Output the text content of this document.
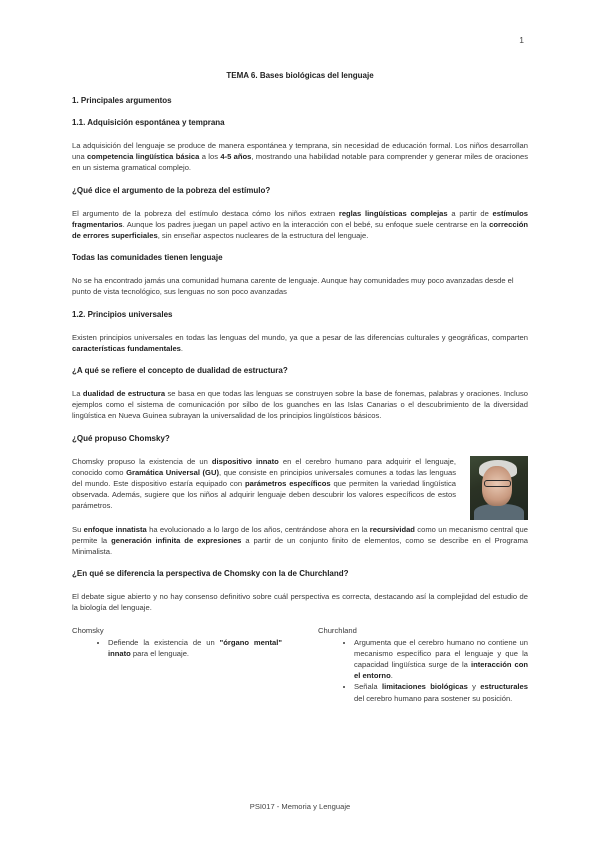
1
TEMA 6. Bases biológicas del lenguaje
1. Principales argumentos
1.1. Adquisición espontánea y temprana

La adquisición del lenguaje se produce de manera espontánea y temprana, sin necesidad de educación formal. Los niños desarrollan una competencia lingüística básica a los 4-5 años, mostrando una habilidad notable para comprender y generar miles de oraciones en un sistema gramatical complejo.

¿Qué dice el argumento de la pobreza del estímulo?

El argumento de la pobreza del estímulo destaca cómo los niños extraen reglas lingüísticas complejas a partir de estímulos fragmentarios. Aunque los padres juegan un papel activo en la interacción con el bebé, su enfoque suele centrarse en la corrección de errores superficiales, sin enseñar aspectos nucleares de la estructura del lenguaje.

Todas las comunidades tienen lenguaje

No se ha encontrado jamás una comunidad humana carente de lenguaje. Aunque hay comunidades muy poco avanzadas desde el punto de vista tecnológico, sus lenguas no son poco avanzadas

1.2. Principios universales

Existen principios universales en todas las lenguas del mundo, ya que a pesar de las diferencias culturales y geográficas, comparten características fundamentales.

¿A qué se refiere el concepto de dualidad de estructura?

La dualidad de estructura se basa en que todas las lenguas se construyen sobre la base de fonemas, palabras y oraciones. Incluso ejemplos como el sistema de comunicación por silbo de los guanches en las Islas Canarias o el descubrimiento de la diversidad lingüística en Nueva Guinea subrayan la universalidad de los principios lingüísticos básicos.

¿Qué propuso Chomsky?

Chomsky propuso la existencia de un dispositivo innato en el cerebro humano para adquirir el lenguaje, conocido como Gramática Universal (GU), que consiste en principios universales comunes a todas las lenguas del mundo. Este dispositivo estaría equipado con parámetros específicos que permiten la variedad lingüística observada. Además, sugiere que los niños al adquirir lenguaje deben descubrir los valores específicos de estos parámetros.

Su enfoque innatista ha evolucionado a lo largo de los años, centrándose ahora en la recursividad como un mecanismo central que permite la generación infinita de expresiones a partir de un conjunto finito de elementos, como se describe en el Programa Minimalista.

¿En qué se diferencia la perspectiva de Chomsky con la de Churchland?

El debate sigue abierto y no hay consenso definitivo sobre cuál perspectiva es correcta, destacando así la complejidad del estudio de la biología del lenguaje.

Chomsky
• Defiende la existencia de un "órgano mental" innato para el lenguaje.
Churchland
• Argumenta que el cerebro humano no contiene un mecanismo específico para el lenguaje y que la capacidad lingüística surge de la interacción con el entorno.
• Señala limitaciones biológicas y estructurales del cerebro humano para sostener su posición.
PSI017 - Memoria y Lenguaje
